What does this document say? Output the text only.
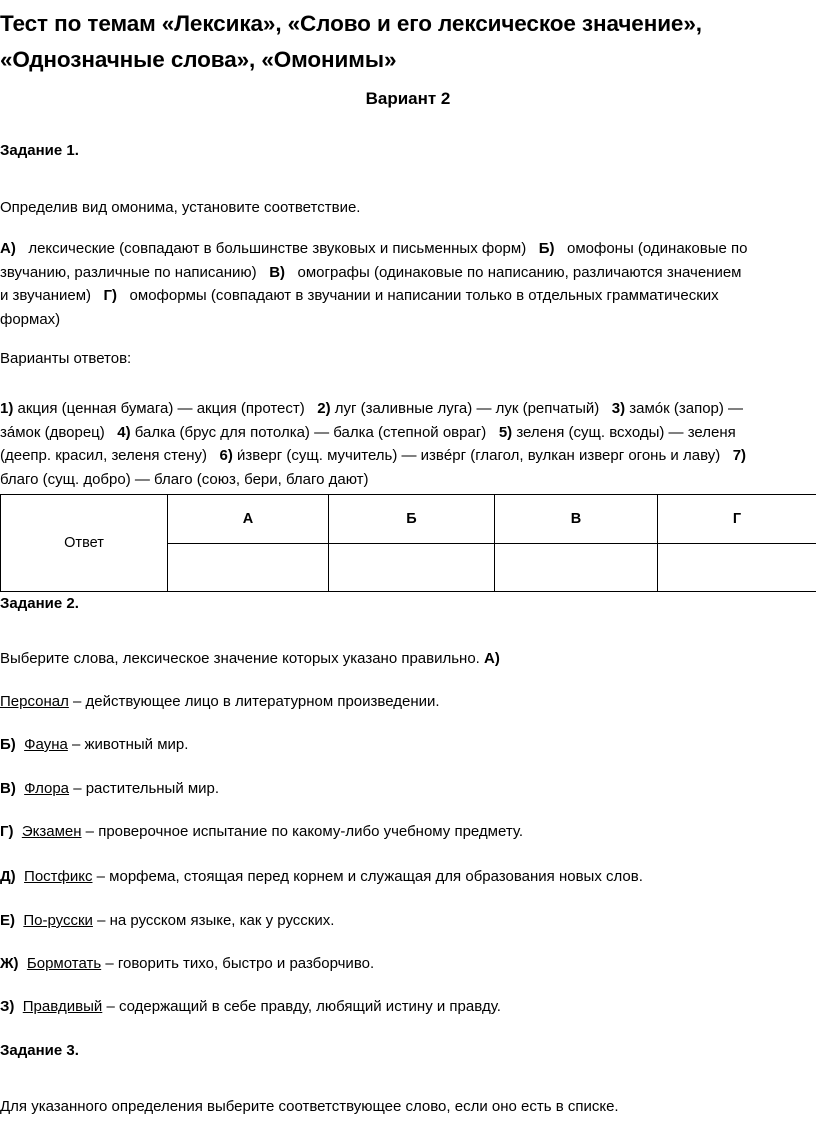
Тест по темам «Лексика», «Слово и его лексическое значение»,
«Однозначные слова», «Омонимы»
Вариант 2
Задание 1.
Определив вид омонима, установите соответствие.
А)   лексические (совпадают в большинстве звуковых и письменных форм)   Б)   омофоны (одинаковые по
звучанию, различные по написанию)   В)   омографы (одинаковые по написанию, различаются значением
и звучанием)   Г)   омоформы (совпадают в звучании и написании только в отдельных грамматических
формах)
Варианты ответов:
1) акция (ценная бумага) — акция (протест)   2) луг (заливные луга) — лук (репчатый)   3) замóк (запор) —
зáмок (дворец)   4) балка (брус для потолка) — балка (степной овраг)   5) зеленя (сущ. всходы) — зеленя
(деепр. красил, зеленя стену)   6) и́зверг (сущ. мучитель) — извéрг (глагол, вулкан изверг огонь и лаву)   7)
благо (сущ. добро) — благо (союз, бери, благо дают)
Ответ	А	Б	В	Г

Задание 2.
Выберите слова, лексическое значение которых указано правильно. А)
Персонал – действующее лицо в литературном произведении.
Б) Фауна – животный мир.
В) Флора – растительный мир.
Г) Экзамен – проверочное испытание по какому-либо учебному предмету.
Д) Постфикс – морфема, стоящая перед корнем и служащая для образования новых слов.
Е) По-русски – на русском языке, как у русских.
Ж) Бормотать – говорить тихо, быстро и разборчиво.
З) Правдивый – содержащий в себе правду, любящий истину и правду.
Задание 3.
Для указанного определения выберите соответствующее слово, если оно есть в списке.
